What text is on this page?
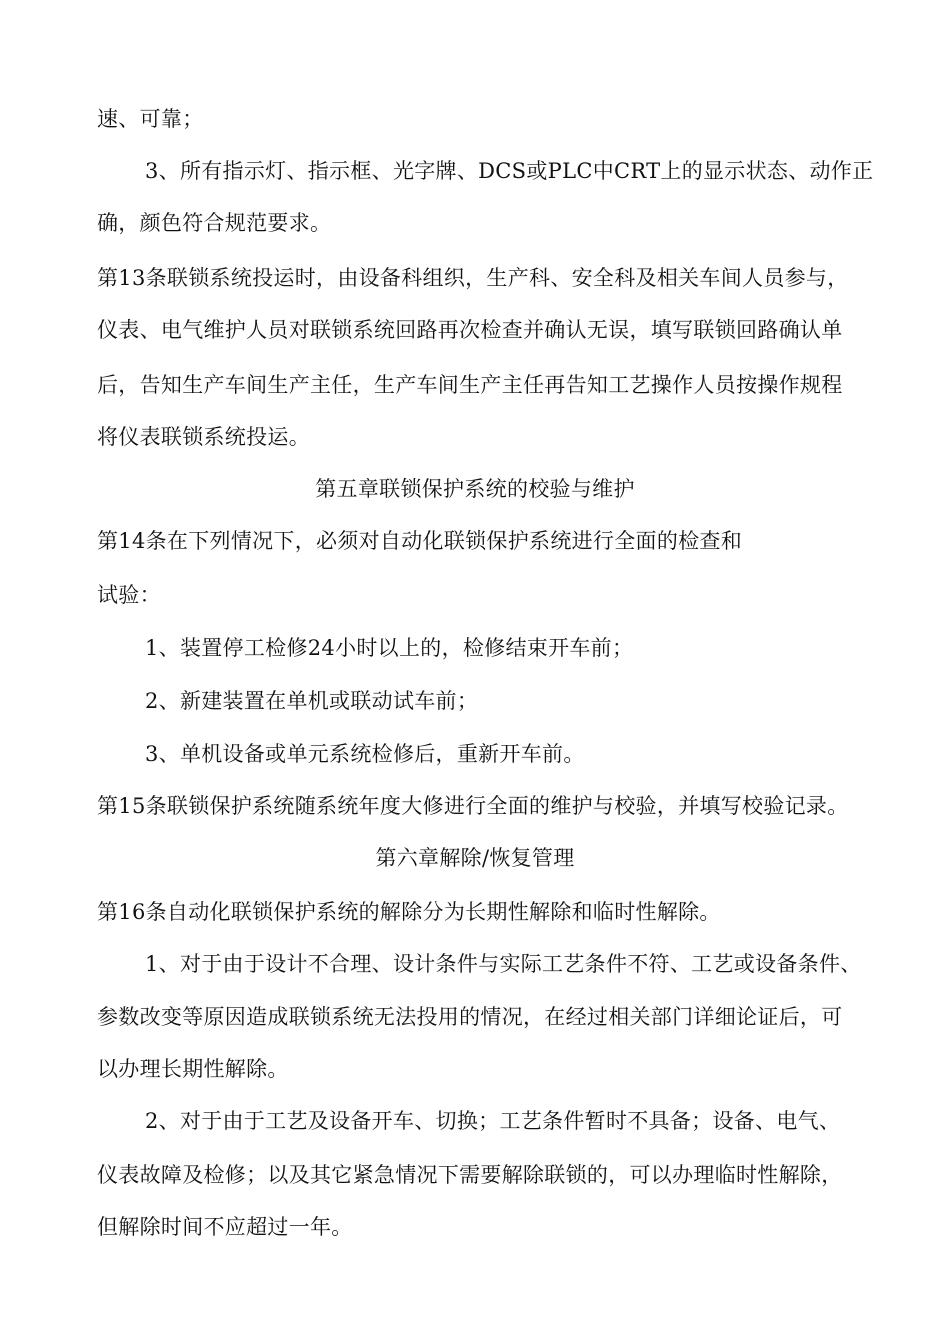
速、可靠；
3、所有指示灯、指示框、光字牌、DCS或PLC中CRT上的显示状态、动作正
确，颜色符合规范要求。
第13条联锁系统投运时，由设备科组织，生产科、安全科及相关车间人员参与，
仪表、电气维护人员对联锁系统回路再次检查并确认无误，填写联锁回路确认单
后，告知生产车间生产主任，生产车间生产主任再告知工艺操作人员按操作规程
将仪表联锁系统投运。
第五章联锁保护系统的校验与维护
第14条在下列情况下，必须对自动化联锁保护系统进行全面的检查和
试验：
1、装置停工检修24小时以上的，检修结束开车前；
2、新建装置在单机或联动试车前；
3、单机设备或单元系统检修后，重新开车前。
第15条联锁保护系统随系统年度大修进行全面的维护与校验，并填写校验记录。
第六章解除/恢复管理
第16条自动化联锁保护系统的解除分为长期性解除和临时性解除。
1、对于由于设计不合理、设计条件与实际工艺条件不符、工艺或设备条件、
参数改变等原因造成联锁系统无法投用的情况，在经过相关部门详细论证后，可
以办理长期性解除。
2、对于由于工艺及设备开车、切换；工艺条件暂时不具备；设备、电气、
仪表故障及检修；以及其它紧急情况下需要解除联锁的，可以办理临时性解除，
但解除时间不应超过一年。
